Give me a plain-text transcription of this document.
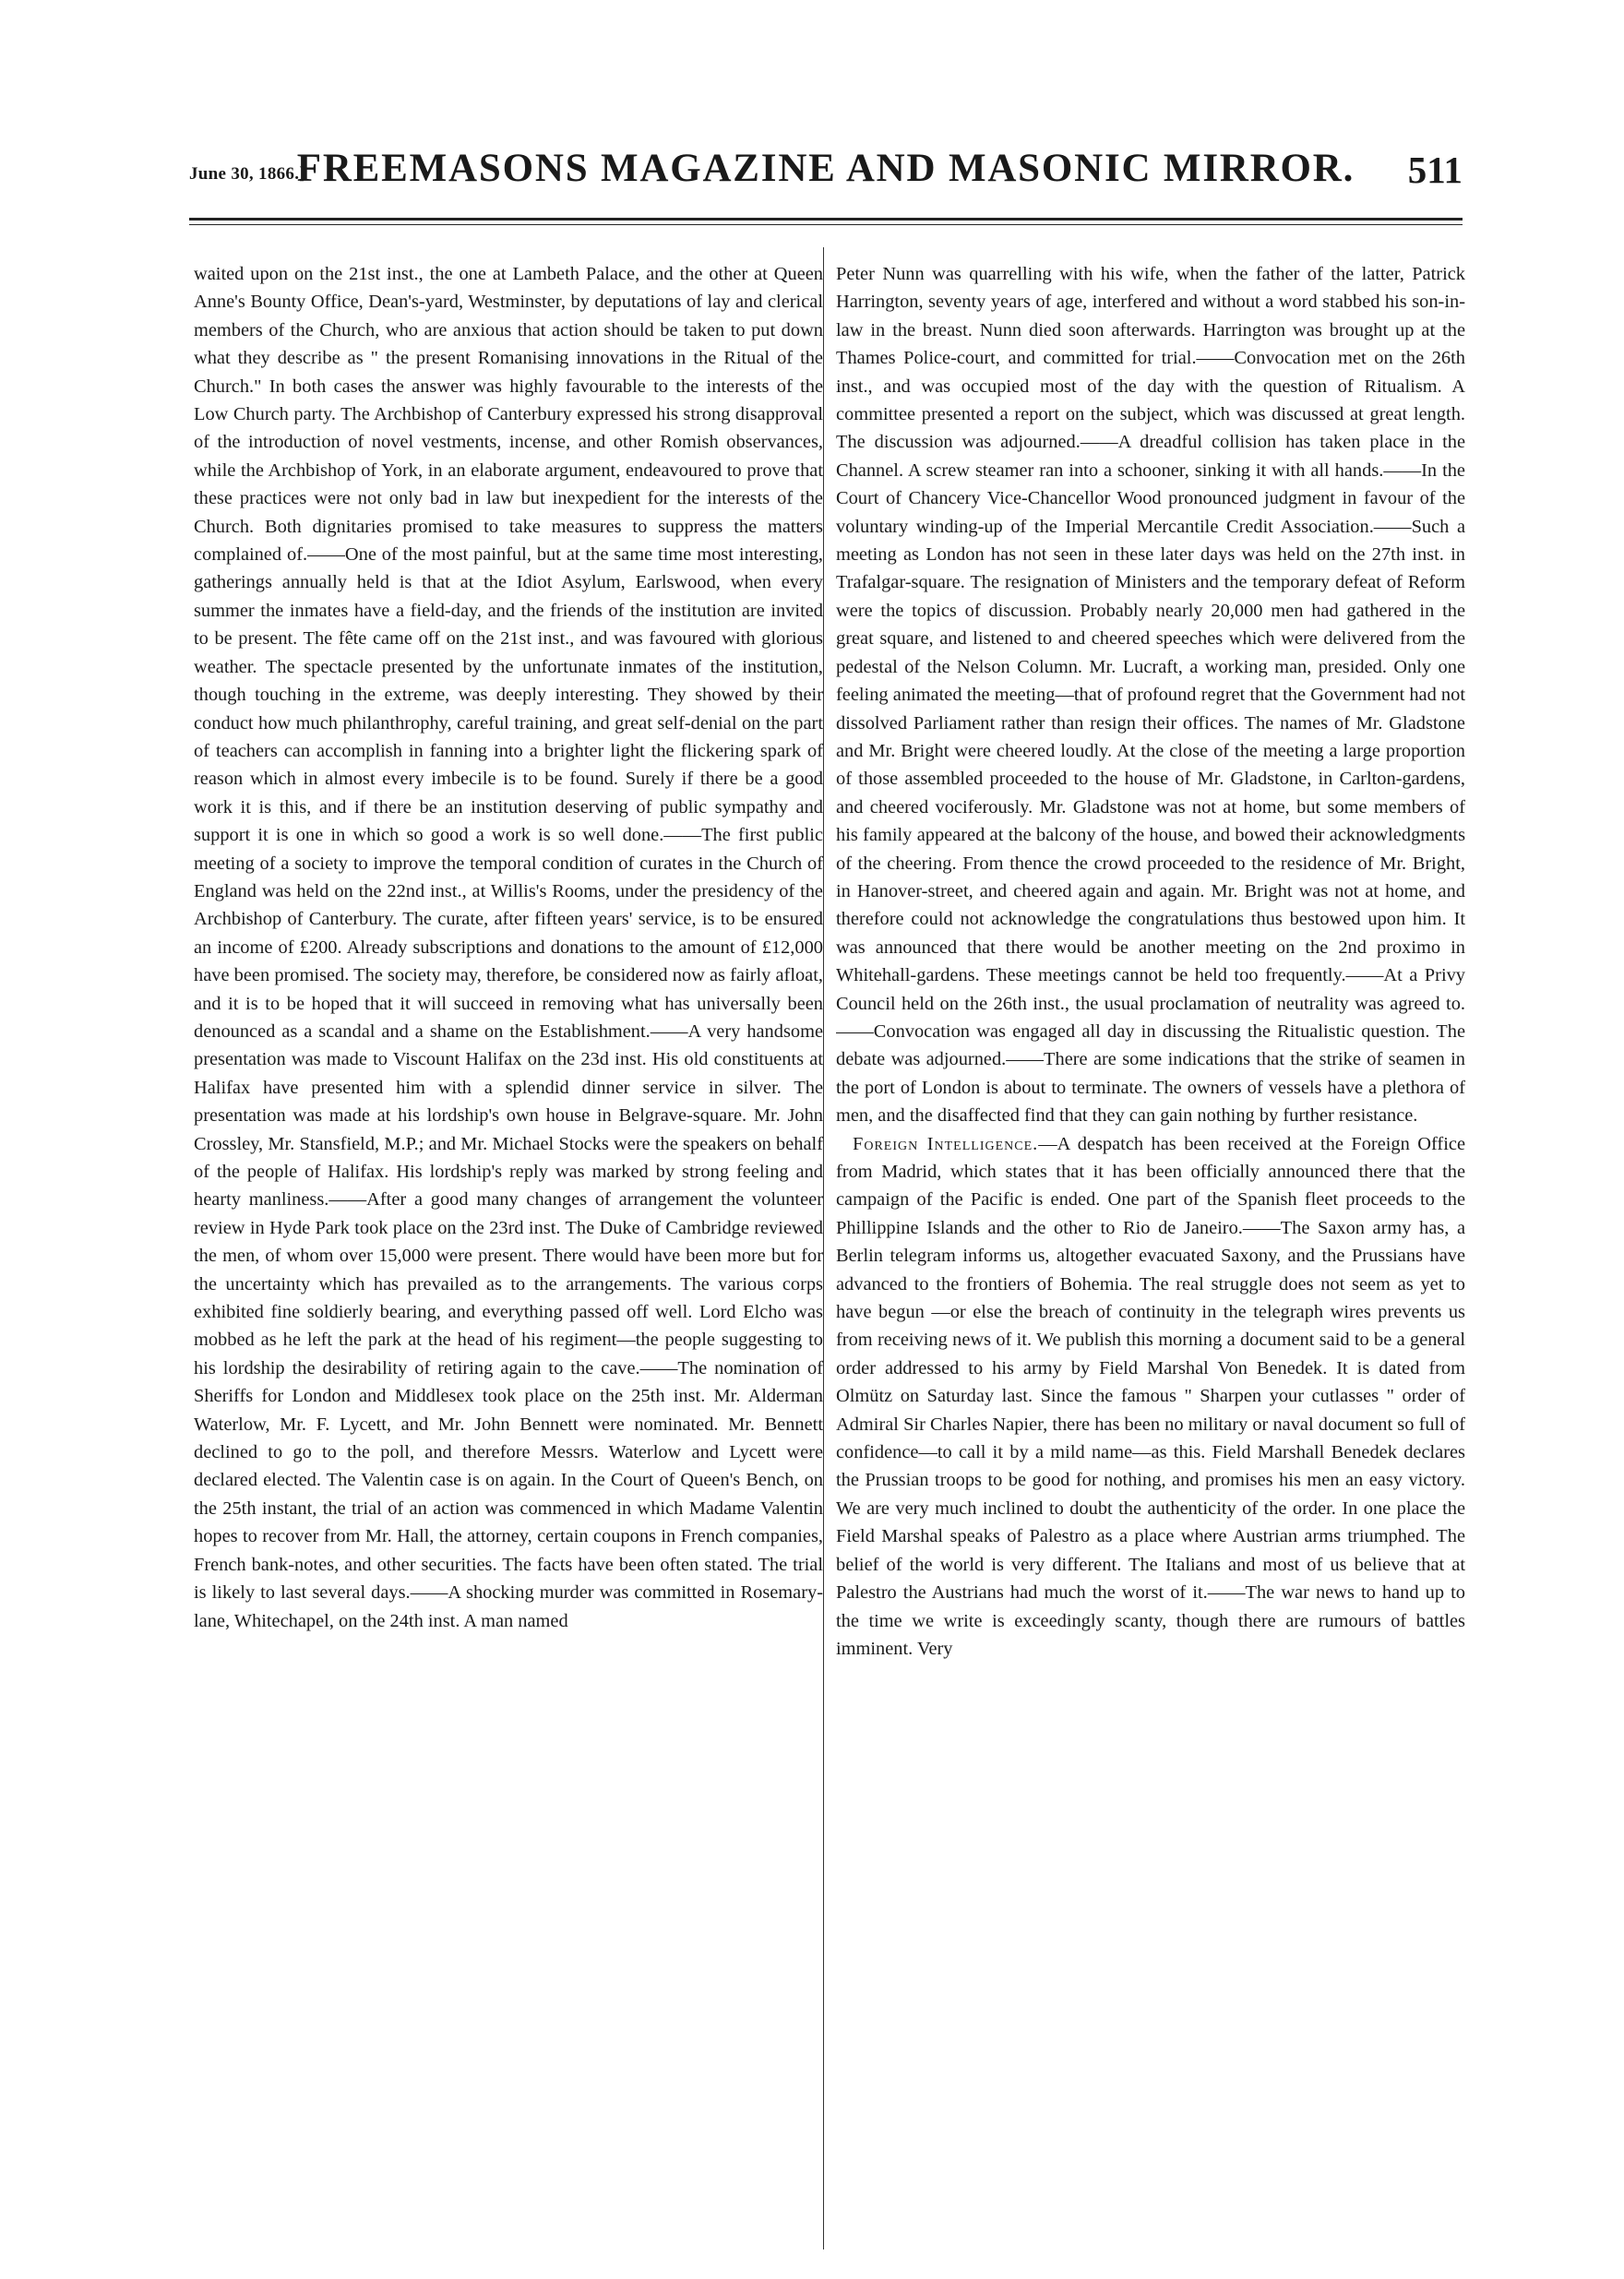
June 30, 1866.]
FREEMASONS MAGAZINE AND MASONIC MIRROR.	511

waited upon on the 21st inst., the one at Lambeth Palace, and the other at Queen Anne's Bounty Office, Dean's-yard, Westminster, by deputations of lay and clerical members of the Church, who are anxious that action should be taken to put down what they describe as " the present Romanising innovations in the Ritual of the Church." In both cases the answer was highly favourable to the interests of the Low Church party. The Archbishop of Canterbury expressed his strong disapproval of the introduction of novel vestments, incense, and other Romish observances, while the Archbishop of York, in an elaborate argument, endeavoured to prove that these practices were not only bad in law but inexpedient for the interests of the Church. Both dignitaries promised to take measures to suppress the matters complained of.——One of the most painful, but at the same time most interesting, gatherings annually held is that at the Idiot Asylum, Earlswood, when every summer the inmates have a field-day, and the friends of the institution are invited to be present. The fête came off on the 21st inst., and was favoured with glorious weather. The spectacle presented by the unfortunate inmates of the institution, though touching in the extreme, was deeply interesting. They showed by their conduct how much philanthrophy, careful training, and great self-denial on the part of teachers can accomplish in fanning into a brighter light the flickering spark of reason which in almost every imbecile is to be found. Surely if there be a good work it is this, and if there be an institution deserving of public sympathy and support it is one in which so good a work is so well done.——The first public meeting of a society to improve the temporal condition of curates in the Church of England was held on the 22nd inst., at Willis's Rooms, under the presidency of the Archbishop of Canterbury. The curate, after fifteen years' service, is to be ensured an income of £200. Already subscriptions and donations to the amount of £12,000 have been promised. The society may, therefore, be considered now as fairly afloat, and it is to be hoped that it will succeed in removing what has universally been denounced as a scandal and a shame on the Establishment.——A very handsome presentation was made to Viscount Halifax on the 23d inst. His old constituents at Halifax have presented him with a splendid dinner service in silver. The presentation was made at his lordship's own house in Belgrave-square. Mr. John Crossley, Mr. Stansfield, M.P.; and Mr. Michael Stocks were the speakers on behalf of the people of Halifax. His lordship's reply was marked by strong feeling and hearty manliness.——After a good many changes of arrangement the volunteer review in Hyde Park took place on the 23rd inst. The Duke of Cambridge reviewed the men, of whom over 15,000 were present. There would have been more but for the uncertainty which has prevailed as to the arrangements. The various corps exhibited fine soldierly bearing, and everything passed off well. Lord Elcho was mobbed as he left the park at the head of his regiment—the people suggesting to his lordship the desirability of retiring again to the cave.——The nomination of Sheriffs for London and Middlesex took place on the 25th inst. Mr. Alderman Waterlow, Mr. F. Lycett, and Mr. John Bennett were nominated. Mr. Bennett declined to go to the poll, and therefore Messrs. Waterlow and Lycett were declared elected. The Valentin case is on again. In the Court of Queen's Bench, on the 25th instant, the trial of an action was commenced in which Madame Valentin hopes to recover from Mr. Hall, the attorney, certain coupons in French companies, French bank-notes, and other securities. The facts have been often stated. The trial is likely to last several days.——A shocking murder was committed in Rosemary-lane, Whitechapel, on the 24th inst. A man named

Peter Nunn was quarrelling with his wife, when the father of the latter, Patrick Harrington, seventy years of age, interfered and without a word stabbed his son-in-law in the breast. Nunn died soon afterwards. Harrington was brought up at the Thames Police-court, and committed for trial.——Convocation met on the 26th inst., and was occupied most of the day with the question of Ritualism. A committee presented a report on the subject, which was discussed at great length. The discussion was adjourned.——A dreadful collision has taken place in the Channel. A screw steamer ran into a schooner, sinking it with all hands.——In the Court of Chancery Vice-Chancellor Wood pronounced judgment in favour of the voluntary winding-up of the Imperial Mercantile Credit Association.——Such a meeting as London has not seen in these later days was held on the 27th inst. in Trafalgar-square. The resignation of Ministers and the temporary defeat of Reform were the topics of discussion. Probably nearly 20,000 men had gathered in the great square, and listened to and cheered speeches which were delivered from the pedestal of the Nelson Column. Mr. Lucraft, a working man, presided. Only one feeling animated the meeting—that of profound regret that the Government had not dissolved Parliament rather than resign their offices. The names of Mr. Gladstone and Mr. Bright were cheered loudly. At the close of the meeting a large proportion of those assembled proceeded to the house of Mr. Gladstone, in Carlton-gardens, and cheered vociferously. Mr. Gladstone was not at home, but some members of his family appeared at the balcony of the house, and bowed their acknowledgments of the cheering. From thence the crowd proceeded to the residence of Mr. Bright, in Hanover-street, and cheered again and again. Mr. Bright was not at home, and therefore could not acknowledge the congratulations thus bestowed upon him. It was announced that there would be another meeting on the 2nd proximo in Whitehall-gardens. These meetings cannot be held too frequently.——At a Privy Council held on the 26th inst., the usual proclamation of neutrality was agreed to.——Convocation was engaged all day in discussing the Ritualistic question. The debate was adjourned.——There are some indications that the strike of seamen in the port of London is about to terminate. The owners of vessels have a plethora of men, and the disaffected find that they can gain nothing by further resistance.

Foreign Intelligence.—A despatch has been received at the Foreign Office from Madrid, which states that it has been officially announced there that the campaign of the Pacific is ended. One part of the Spanish fleet proceeds to the Phillippine Islands and the other to Rio de Janeiro.——The Saxon army has, a Berlin telegram informs us, altogether evacuated Saxony, and the Prussians have advanced to the frontiers of Bohemia. The real struggle does not seem as yet to have begun —or else the breach of continuity in the telegraph wires prevents us from receiving news of it. We publish this morning a document said to be a general order addressed to his army by Field Marshal Von Benedek. It is dated from Olmütz on Saturday last. Since the famous " Sharpen your cutlasses " order of Admiral Sir Charles Napier, there has been no military or naval document so full of confidence—to call it by a mild name—as this. Field Marshall Benedek declares the Prussian troops to be good for nothing, and promises his men an easy victory. We are very much inclined to doubt the authenticity of the order. In one place the Field Marshal speaks of Palestro as a place where Austrian arms triumphed. The belief of the world is very different. The Italians and most of us believe that at Palestro the Austrians had much the worst of it.——The war news to hand up to the time we write is exceedingly scanty, though there are rumours of battles imminent. Very
